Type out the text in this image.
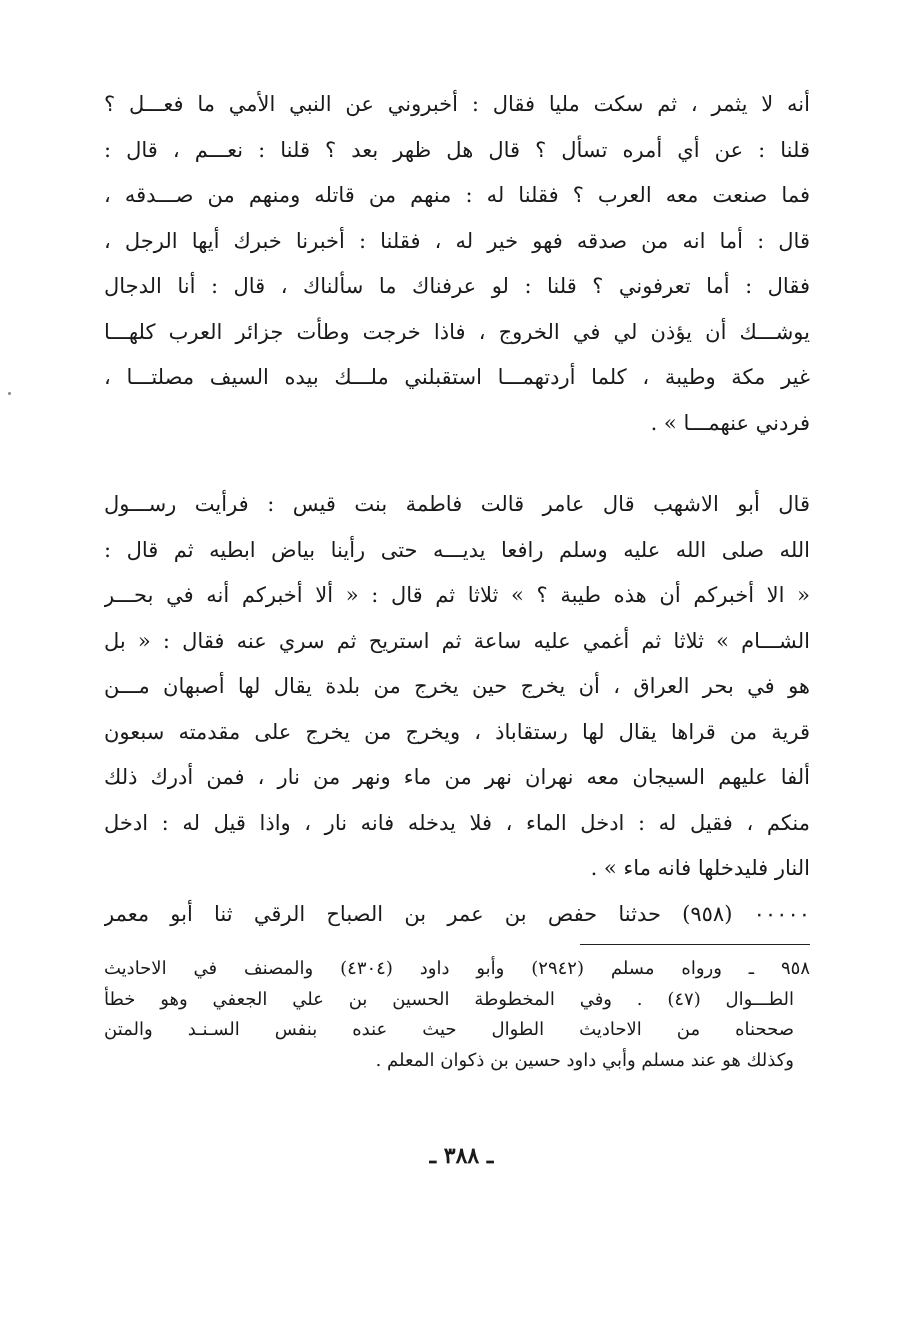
أنه لا يثمر ، ثم سكت مليا فقال : أخبروني عن النبي الأمي ما فعـــل ؟
قلنا : عن أي أمره تسأل ؟ قال هل ظهر بعد ؟ قلنا : نعـــم ، قال :
فما صنعت معه العرب ؟ فقلنا له : منهم من قاتله ومنهم من صـــدقه ،
قال : أما انه من صدقه فهو خير له ، فقلنا : أخبرنا خبرك أيها الرجل ،
فقال : أما تعرفوني ؟ قلنا : لو عرفناك ما سألناك ، قال : أنا الدجال
يوشـــك أن يؤذن لي في الخروج ، فاذا خرجت وطأت جزائر العرب كلهـــا
غير مكة وطيبة ، كلما أردتهمـــا استقبلني ملـــك بيده السيف مصلتـــا ،
فردني عنهمـــا » .
قال أبو الاشهب قال عامر قالت فاطمة بنت قيس : فرأيت رســـول
الله صلى الله عليه وسلم رافعا يديـــه حتى رأينا بياض ابطيه ثم قال :
« الا أخبركم أن هذه طيبة ؟ » ثلاثا ثم قال : « ألا أخبركم أنه في بحـــر
الشـــام » ثلاثا ثم أغمي عليه ساعة ثم استريح ثم سري عنه فقال : « بل
هو في بحر العراق ، أن يخرج حين يخرج من بلدة يقال لها أصبهان مـــن
قرية من قراها يقال لها رستقاباذ ، ويخرج من يخرج على مقدمته سبعون
ألفا عليهم السيجان معه نهران نهر من ماء ونهر من نار ، فمن أدرك ذلك
منكم ، فقيل له : ادخل الماء ، فلا يدخله فانه نار ، واذا قيل له : ادخل
النار فليدخلها فانه ماء » .
٠٠٠٠٠ (٩٥٨) حدثنا حفص بن عمر بن الصباح الرقي ثنا أبو معمر
٩٥٨ ـ ورواه مسلم (٢٩٤٢) وأبو داود (٤٣٠٤) والمصنف في الاحاديث
الطـــوال (٤٧) . وفي المخطوطة الحسين بن علي الجعفي وهو خطأ
صححناه من الاحاديث الطوال حيث عنده بنفس السـنـد والمتن
وكذلك هو عند مسلم وأبي داود حسين بن ذكوان المعلم .
ـ ٣٨٨ ـ
